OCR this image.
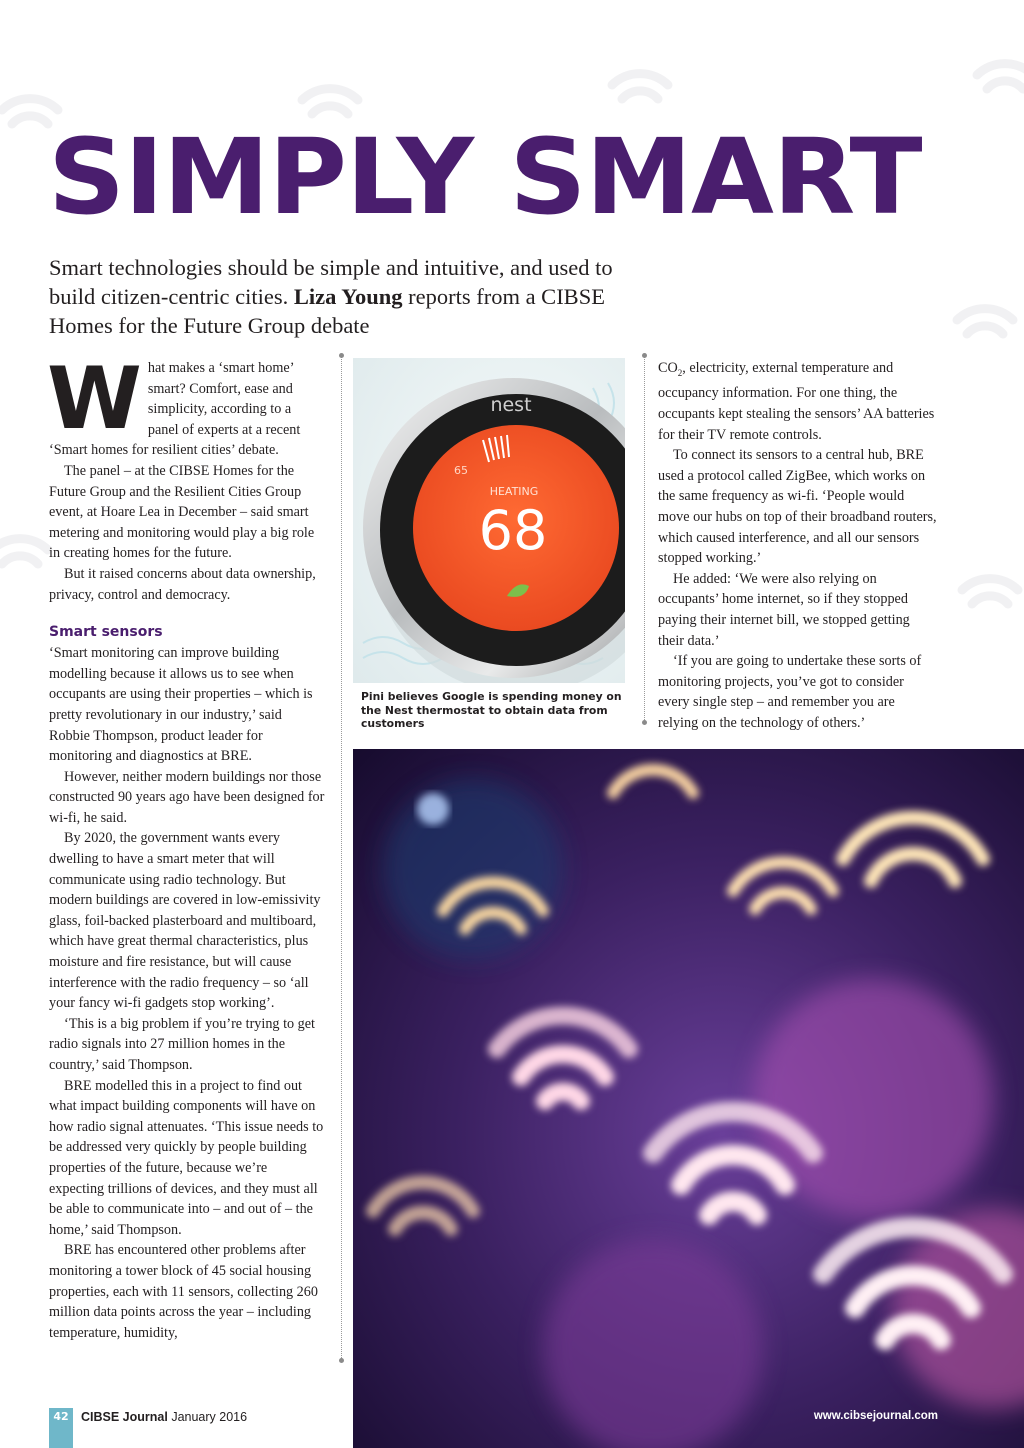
SIMPLY SMART
Smart technologies should be simple and intuitive, and used to build citizen-centric cities. Liza Young reports from a CIBSE Homes for the Future Group debate

What makes a ‘smart home’ smart? Comfort, ease and simplicity, according to a panel of experts at a recent ‘Smart homes for resilient cities’ debate.

The panel – at the CIBSE Homes for the Future Group and the Resilient Cities Group event, at Hoare Lea in December – said smart metering and monitoring would play a big role in creating homes for the future.

But it raised concerns about data ownership, privacy, control and democracy.

Smart sensors

‘Smart monitoring can improve building modelling because it allows us to see when occupants are using their properties – which is pretty revolutionary in our industry,’ said Robbie Thompson, product leader for monitoring and diagnostics at BRE.

However, neither modern buildings nor those constructed 90 years ago have been designed for wi-fi, he said.

By 2020, the government wants every dwelling to have a smart meter that will communicate using radio technology. But modern buildings are covered in low-emissivity glass, foil-backed plasterboard and multiboard, which have great thermal characteristics, plus moisture and fire resistance, but will cause interference with the radio frequency – so ‘all your fancy wi-fi gadgets stop working’.

‘This is a big problem if you’re trying to get radio signals into 27 million homes in the country,’ said Thompson.

BRE modelled this in a project to find out what impact building components will have on how radio signal attenuates. ‘This issue needs to be addressed very quickly by people building properties of the future, because we’re expecting trillions of devices, and they must all be able to communicate into – and out of – the home,’ said Thompson.

BRE has encountered other problems after monitoring a tower block of 45 social housing properties, each with 11 sensors, collecting 260 million data points across the year – including temperature, humidity,

65
nest
HEATING
68
Pini believes Google is spending money on the Nest thermostat to obtain data from customers

$CO_2$, electricity, external temperature and occupancy information. For one thing, the occupants kept stealing the sensors’ AA batteries for their TV remote controls.

To connect its sensors to a central hub, BRE used a protocol called ZigBee, which works on the same frequency as wi-fi. ‘People would move our hubs on top of their broadband routers, which caused interference, and all our sensors stopped working.’

He added: ‘We were also relying on occupants’ home internet, so if they stopped paying their internet bill, we stopped getting their data.’

‘If you are going to undertake these sorts of monitoring projects, you’ve got to consider every single step – and remember you are relying on the technology of others.’

42 CIBSE Journal January 2016	www.cibsejournal.com
